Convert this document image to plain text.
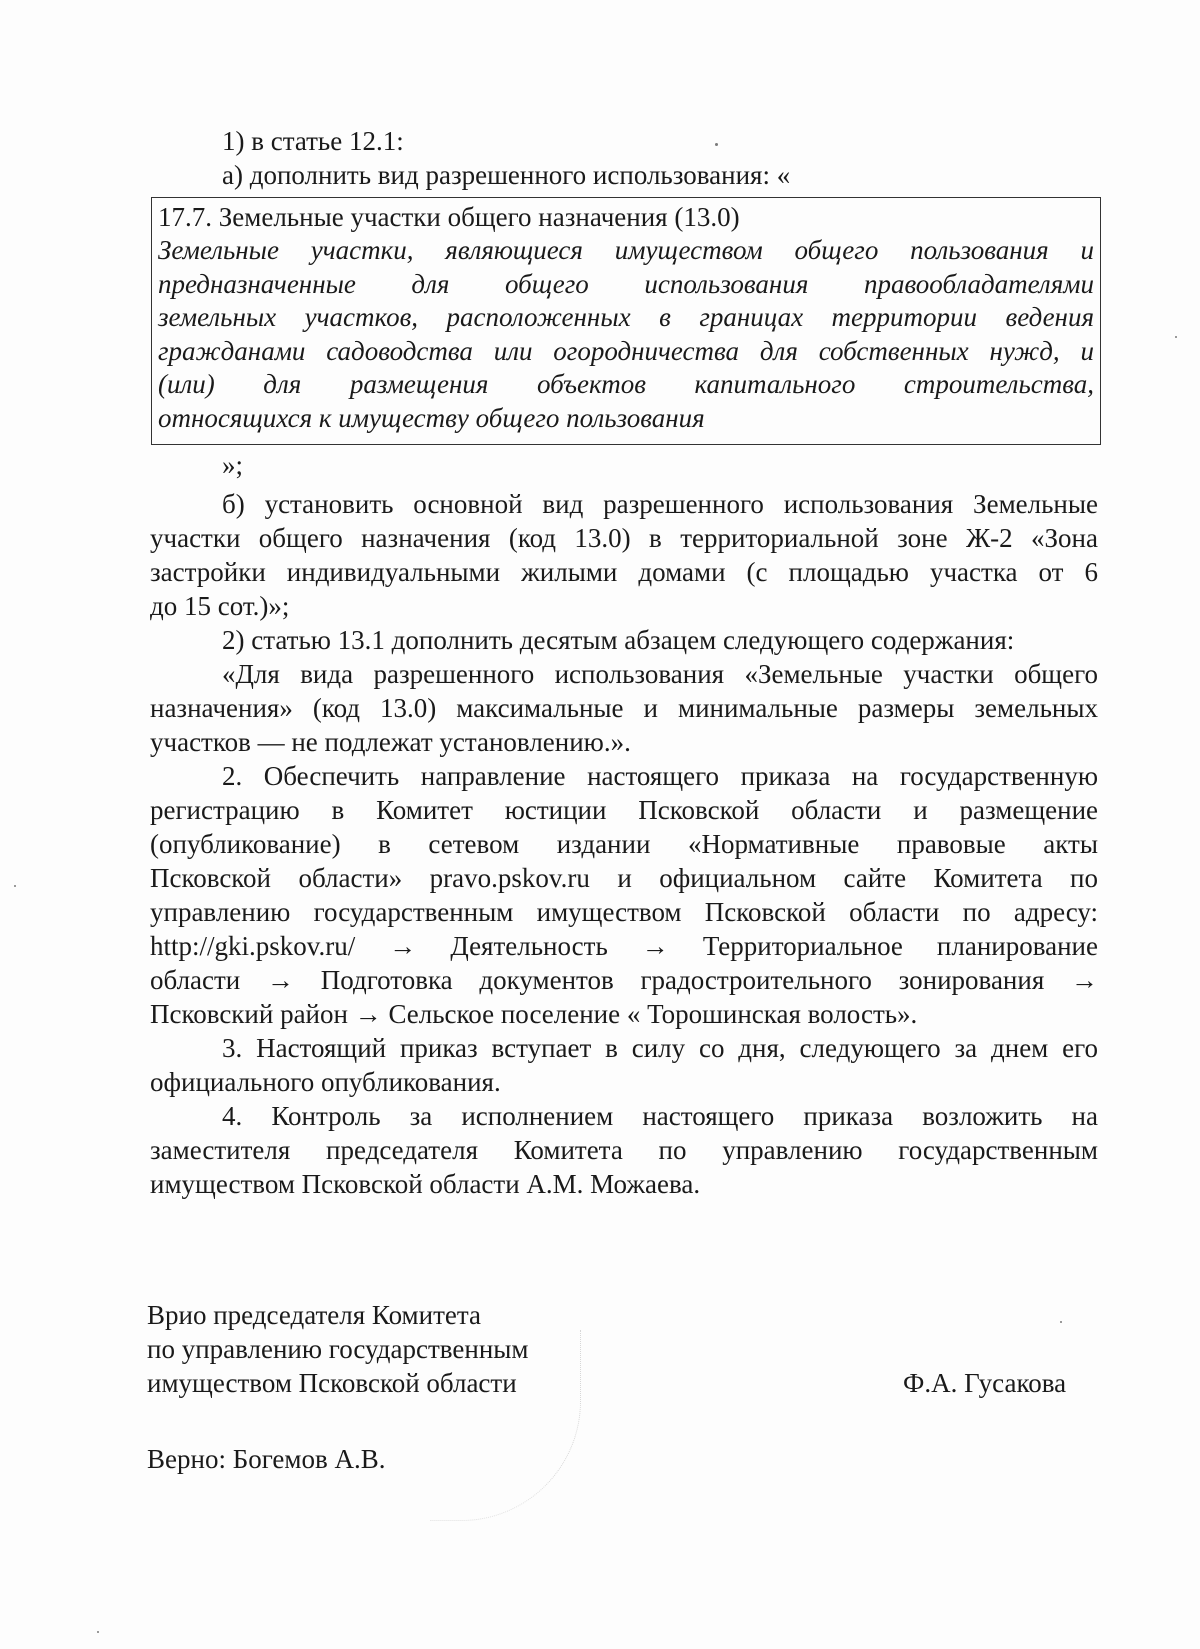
1) в статье 12.1:
а) дополнить вид разрешенного использования: «
17.7. Земельные участки общего назначения (13.0)
Земельные участки, являющиеся имуществом общего пользования и
предназначенные для общего использования правообладателями
земельных участков, расположенных в границах территории ведения
гражданами садоводства или огородничества для собственных нужд, и
(или) для размещения объектов капитального строительства,
относящихся к имуществу общего пользования
»;
б) установить основной вид разрешенного использования Земельные
участки общего назначения (код 13.0) в территориальной зоне Ж-2 «Зона
застройки индивидуальными жилыми домами (с площадью участка от 6
до 15 сот.)»;
2) статью 13.1 дополнить десятым абзацем следующего содержания:
«Для вида разрешенного использования «Земельные участки общего
назначения» (код 13.0) максимальные и минимальные размеры земельных
участков — не подлежат установлению.».
2. Обеспечить направление настоящего приказа на государственную
регистрацию в Комитет юстиции Псковской области и размещение
(опубликование) в сетевом издании «Нормативные правовые акты
Псковской области» pravo.pskov.ru и официальном сайте Комитета по
управлению государственным имуществом Псковской области по адресу:
http://gki.pskov.ru/ → Деятельность → Территориальное планирование
области → Подготовка документов градостроительного зонирования →
Псковский район → Сельское поселение « Торошинская волость».
3. Настоящий приказ вступает в силу со дня, следующего за днем его
официального опубликования.
4. Контроль за исполнением настоящего приказа возложить на
заместителя председателя Комитета по управлению государственным
имуществом Псковской области А.М. Можаева.
Врио председателя Комитета
по управлению государственным
имуществом Псковской области	Ф.А. Гусакова
Верно: Богемов А.В.
